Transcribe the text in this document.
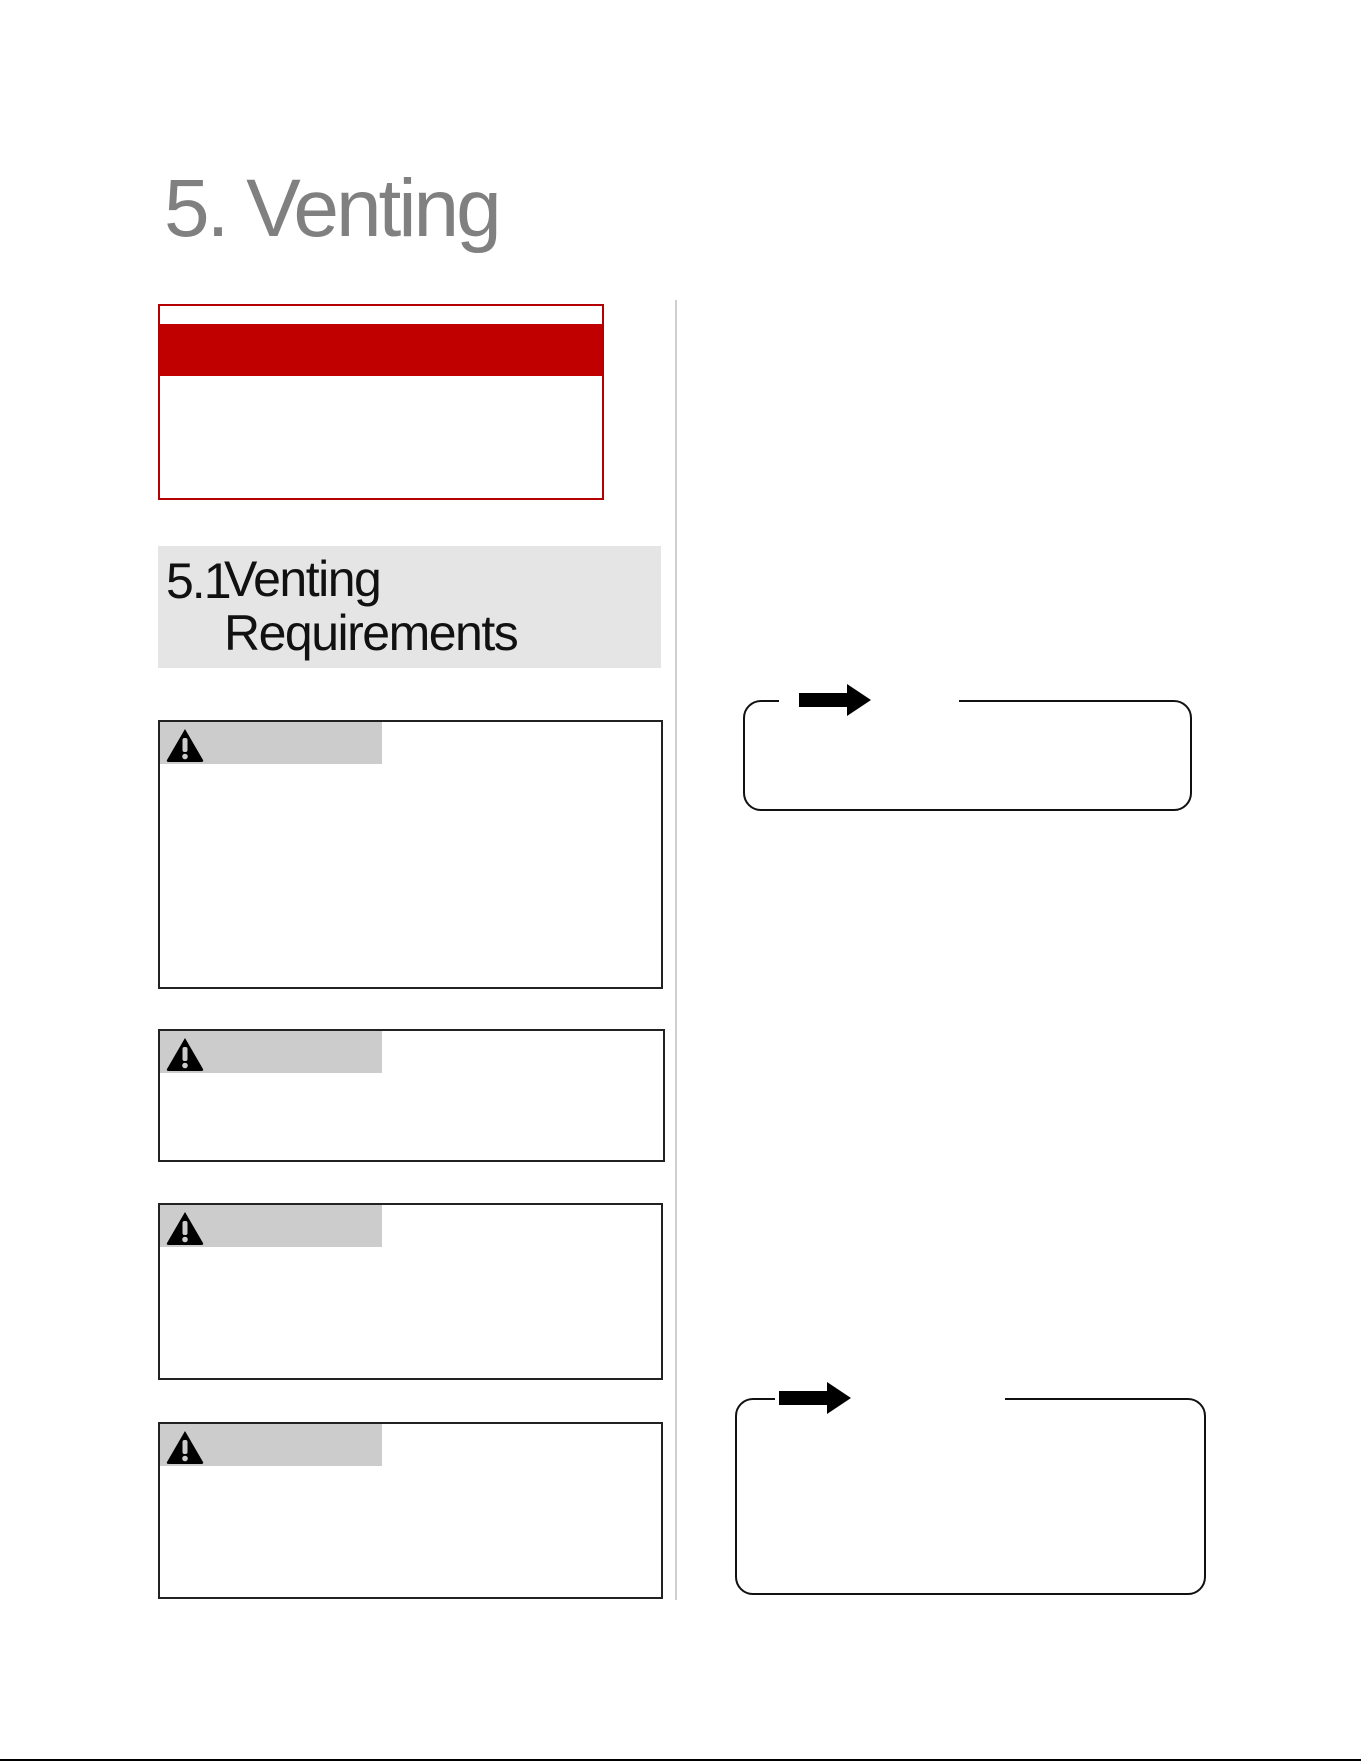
5. Venting
5.1
Venting Requirements
